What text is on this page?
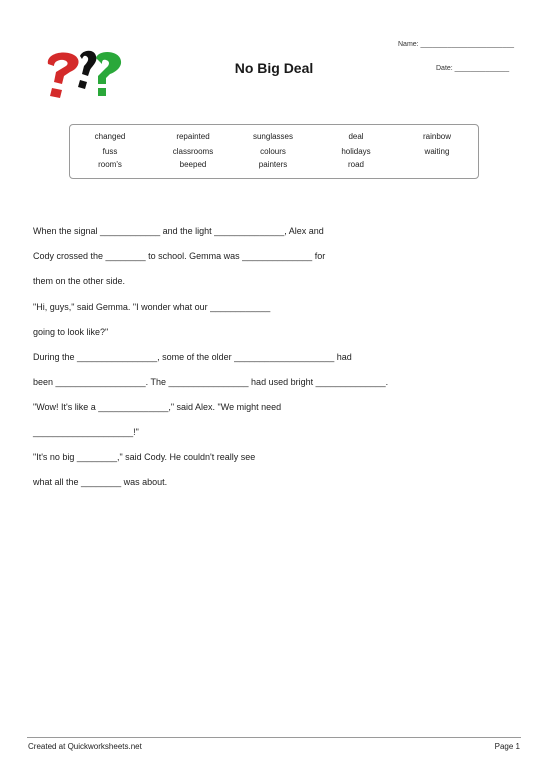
No Big Deal
Name: ________________________
Date: ______________
changed	repainted	sunglasses	deal	rainbow
fuss	classrooms	colours	holidays	waiting
room's	beeped	painters	road
When the signal ____________ and the light ______________, Alex and
Cody crossed the ________ to school. Gemma was ______________ for
them on the other side.
"Hi, guys," said Gemma. "I wonder what our ____________
going to look like?"
During the ________________, some of the older ____________________ had
been __________________. The ________________ had used bright ______________.
"Wow! It's like a ______________," said Alex. "We might need
____________________!"
"It's no big ________," said Cody. He couldn't really see
what all the ________ was about.
Created at Quickworksheets.net	Page 1
